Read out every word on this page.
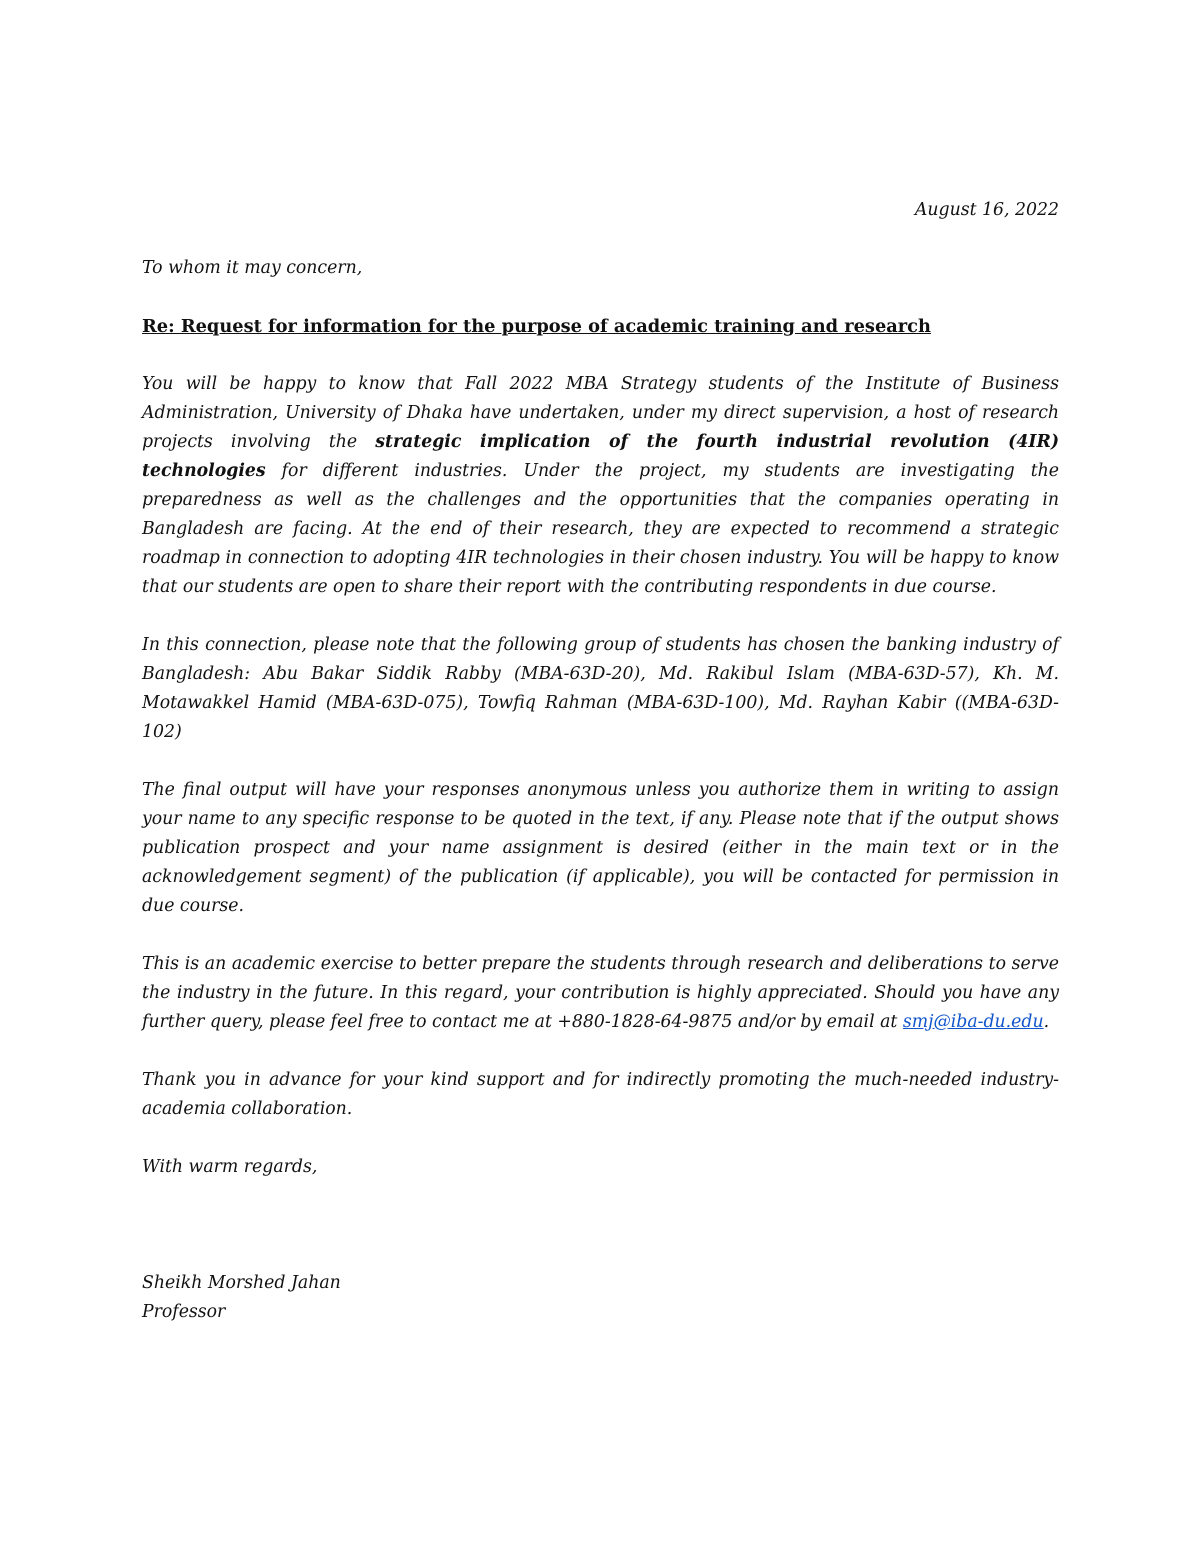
August 16, 2022

To whom it may concern,

Re: Request for information for the purpose of academic training and research

You will be happy to know that Fall 2022 MBA Strategy students of the Institute of Business Administration, University of Dhaka have undertaken, under my direct supervision, a host of research projects involving the strategic implication of the fourth industrial revolution (4IR) technologies for different industries. Under the project, my students are investigating the preparedness as well as the challenges and the opportunities that the companies operating in Bangladesh are facing. At the end of their research, they are expected to recommend a strategic roadmap in connection to adopting 4IR technologies in their chosen industry. You will be happy to know that our students are open to share their report with the contributing respondents in due course.

In this connection, please note that the following group of students has chosen the banking industry of Bangladesh: Abu Bakar Siddik Rabby (MBA-63D-20), Md. Rakibul Islam (MBA-63D-57), Kh. M. Motawakkel Hamid (MBA-63D-075), Towfiq Rahman (MBA-63D-100), Md. Rayhan Kabir ((MBA-63D-102)

The final output will have your responses anonymous unless you authorize them in writing to assign your name to any specific response to be quoted in the text, if any. Please note that if the output shows publication prospect and your name assignment is desired (either in the main text or in the acknowledgement segment) of the publication (if applicable), you will be contacted for permission in due course.

This is an academic exercise to better prepare the students through research and deliberations to serve the industry in the future. In this regard, your contribution is highly appreciated. Should you have any further query, please feel free to contact me at +880-1828-64-9875 and/or by email at smj@iba-du.edu.

Thank you in advance for your kind support and for indirectly promoting the much-needed industry-academia collaboration.

With warm regards,

Sheikh Morshed Jahan
Professor
